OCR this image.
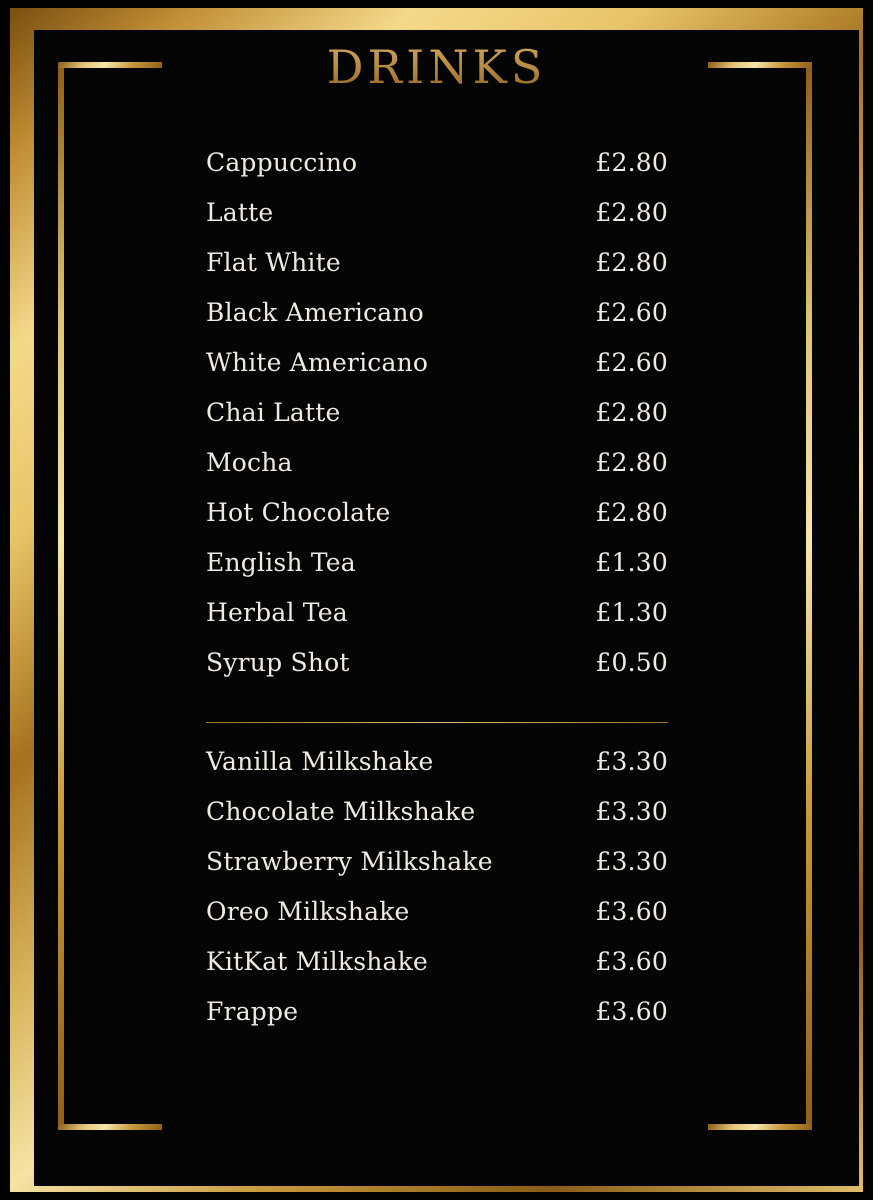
DRINKS
Cappuccino	£2.80
Latte	£2.80
Flat White	£2.80
Black Americano	£2.60
White Americano	£2.60
Chai Latte	£2.80
Mocha	£2.80
Hot Chocolate	£2.80
English Tea	£1.30
Herbal Tea	£1.30
Syrup Shot	£0.50
Vanilla Milkshake	£3.30
Chocolate Milkshake	£3.30
Strawberry Milkshake	£3.30
Oreo Milkshake	£3.60
KitKat Milkshake	£3.60
Frappe	£3.60
